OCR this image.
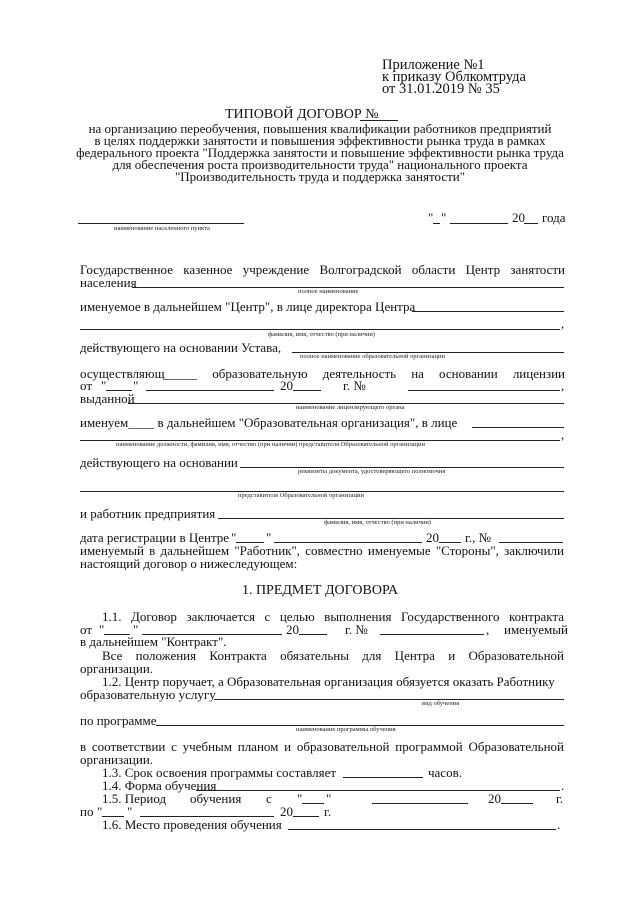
Приложение №1
к приказу Облкомтруда
от 31.01.2019 № 35
ТИПОВОЙ ДОГОВОР №
на организацию переобучения, повышения квалификации работников предприятий
в целях поддержки занятости и повышения эффективности рынка труда в рамках
федерального проекта "Поддержка занятости и повышение эффективности рынка труда
для обеспечения роста производительности труда" национального проекта
"Производительность труда и поддержка занятости"
наименование населенного пункта
" "	20 года
Государственное казенное учреждение Волгоградской области Центр занятости
населения
полное наименование
именуемое в дальнейшем "Центр", в лице директора Центра
,
фамилия, имя, отчество (при наличии)
действующего на основании Устава,
полное наименование образовательной организации
осуществляющ_____ образовательную деятельность на основании лицензии
от " "	20	г. №	,
выданной
наименование лицензирующего органа
именуем____ в дальнейшем "Образовательная организация", в лице
,
наименование должности, фамилия, имя, отчество (при наличии) представителя Образовательной организации
действующего на основании
реквизиты документа, удостоверяющего полномочия
представителя Образовательной организации
и работник предприятия
фамилия, имя, отчество (при наличии)
дата регистрации в Центре " "	20 г., №
именуемый в дальнейшем "Работник", совместно именуемые "Стороны", заключили
настоящий договор о нижеследующем:
1. ПРЕДМЕТ ДОГОВОРА
1.1. Договор заключается с целью выполнения Государственного контракта
от " "	20	г. №	, именуемый
в дальнейшем "Контракт".
Все положения Контракта обязательны для Центра и Образовательной
организации.
1.2. Центр поручает, а Образовательная организация обязуется оказать Работнику
образовательную услугу
вид обучения
по программе
наименование программы обучения
в соответствии с учебным планом и образовательной программой Образовательной
организации.
1.3. Срок освоения программы составляет	часов.
1.4. Форма обучения	.
1.5. Период обучения с " "	20	г.
по " "	20 г.
1.6. Место проведения обучения	.
